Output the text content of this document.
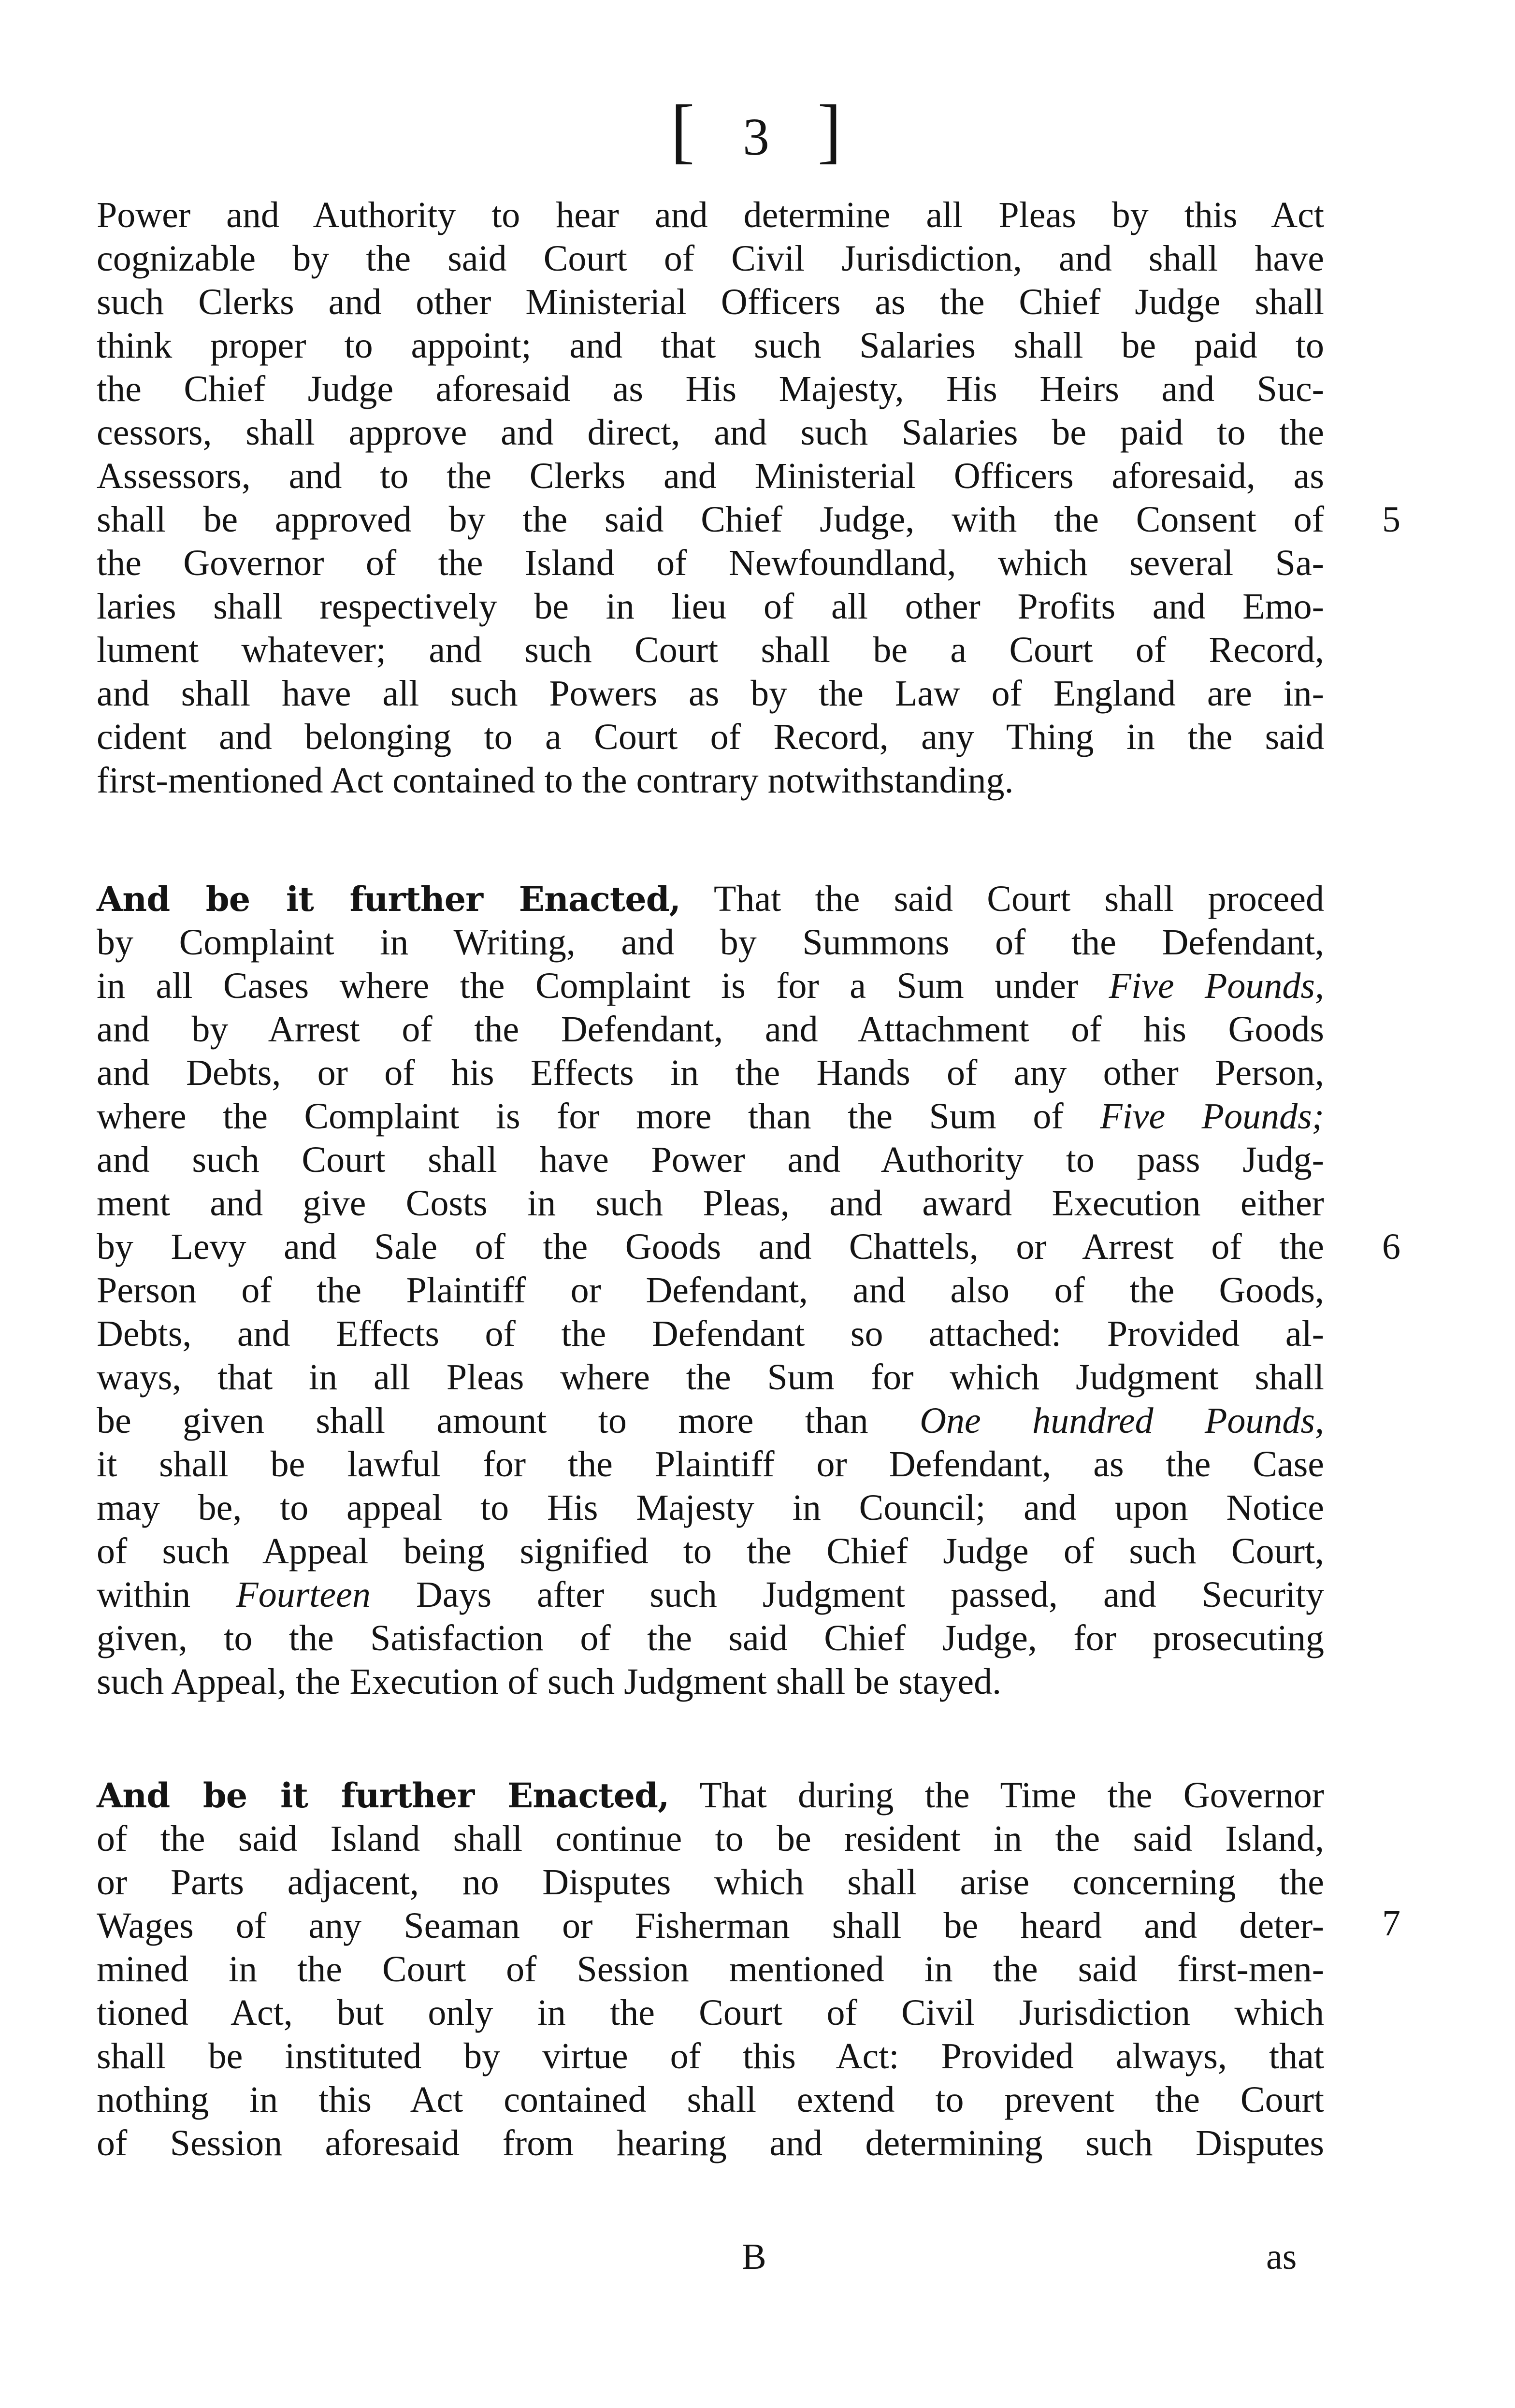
[ 3 ]
Power and Authority to hear and determine all Pleas by this Act
cognizable by the said Court of Civil Jurisdiction, and shall have
such Clerks and other Ministerial Officers as the Chief Judge shall
think proper to appoint; and that such Salaries shall be paid to
the Chief Judge aforesaid as His Majesty, His Heirs and Suc-
cessors, shall approve and direct, and such Salaries be paid to the
Assessors, and to the Clerks and Ministerial Officers aforesaid, as
shall be approved by the said Chief Judge, with the Consent of
the Governor of the Island of Newfoundland, which several Sa-
laries shall respectively be in lieu of all other Profits and Emo-
lument whatever; and such Court shall be a Court of Record,
and shall have all such Powers as by the Law of England are in-
cident and belonging to a Court of Record, any Thing in the said
first-mentioned Act contained to the contrary notwithstanding.
5
And be it further Enacted, That the said Court shall proceed
by Complaint in Writing, and by Summons of the Defendant,
in all Cases where the Complaint is for a Sum under Five Pounds,
and by Arrest of the Defendant, and Attachment of his Goods
and Debts, or of his Effects in the Hands of any other Person,
where the Complaint is for more than the Sum of Five Pounds;
and such Court shall have Power and Authority to pass Judg-
ment and give Costs in such Pleas, and award Execution either
by Levy and Sale of the Goods and Chattels, or Arrest of the
Person of the Plaintiff or Defendant, and also of the Goods,
Debts, and Effects of the Defendant so attached: Provided al-
ways, that in all Pleas where the Sum for which Judgment shall
be given shall amount to more than One hundred Pounds,
it shall be lawful for the Plaintiff or Defendant, as the Case
may be, to appeal to His Majesty in Council; and upon Notice
of such Appeal being signified to the Chief Judge of such Court,
within Fourteen Days after such Judgment passed, and Security
given, to the Satisfaction of the said Chief Judge, for prosecuting
such Appeal, the Execution of such Judgment shall be stayed.
6
And be it further Enacted, That during the Time the Governor
of the said Island shall continue to be resident in the said Island,
or Parts adjacent, no Disputes which shall arise concerning the
Wages of any Seaman or Fisherman shall be heard and deter-
mined in the Court of Session mentioned in the said first-men-
tioned Act, but only in the Court of Civil Jurisdiction which
shall be instituted by virtue of this Act: Provided always, that
nothing in this Act contained shall extend to prevent the Court
of Session aforesaid from hearing and determining such Disputes
7
B	as
